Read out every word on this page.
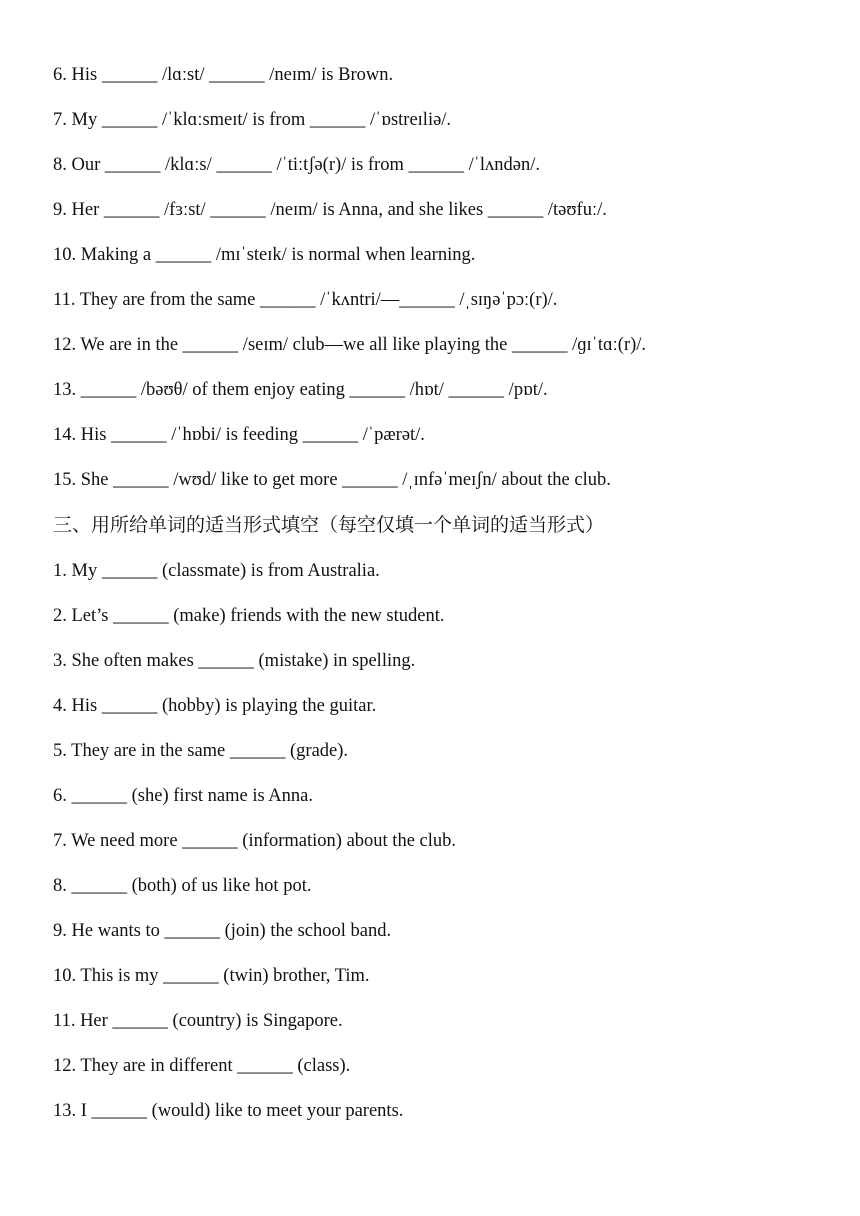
6. His ______ /lɑːst/ ______ /neɪm/ is Brown.
7. My ______ /ˈklɑːsmeɪt/ is from ______ /ˈɒstreɪliə/.
8. Our ______ /klɑːs/ ______ /ˈtiːtʃə(r)/ is from ______ /ˈlʌndən/.
9. Her ______ /fɜːst/ ______ /neɪm/ is Anna, and she likes ______ /təʊfuː/.
10. Making a ______ /mɪˈsteɪk/ is normal when learning.
11. They are from the same ______ /ˈkʌntri/—______ /ˌsɪŋəˈpɔː(r)/.
12. We are in the ______ /seɪm/ club—we all like playing the ______ /ɡɪˈtɑː(r)/.
13. ______ /bəʊθ/ of them enjoy eating ______ /hɒt/ ______ /pɒt/.
14. His ______ /ˈhɒbi/ is feeding ______ /ˈpærət/.
15. She ______ /wʊd/ like to get more ______ /ˌɪnfəˈmeɪʃn/ about the club.
三、用所给单词的适当形式填空（每空仅填一个单词的适当形式）
1. My ______ (classmate) is from Australia.
2. Let’s ______ (make) friends with the new student.
3. She often makes ______ (mistake) in spelling.
4. His ______ (hobby) is playing the guitar.
5. They are in the same ______ (grade).
6. ______ (she) first name is Anna.
7. We need more ______ (information) about the club.
8. ______ (both) of us like hot pot.
9. He wants to ______ (join) the school band.
10. This is my ______ (twin) brother, Tim.
11. Her ______ (country) is Singapore.
12. They are in different ______ (class).
13. I ______ (would) like to meet your parents.
